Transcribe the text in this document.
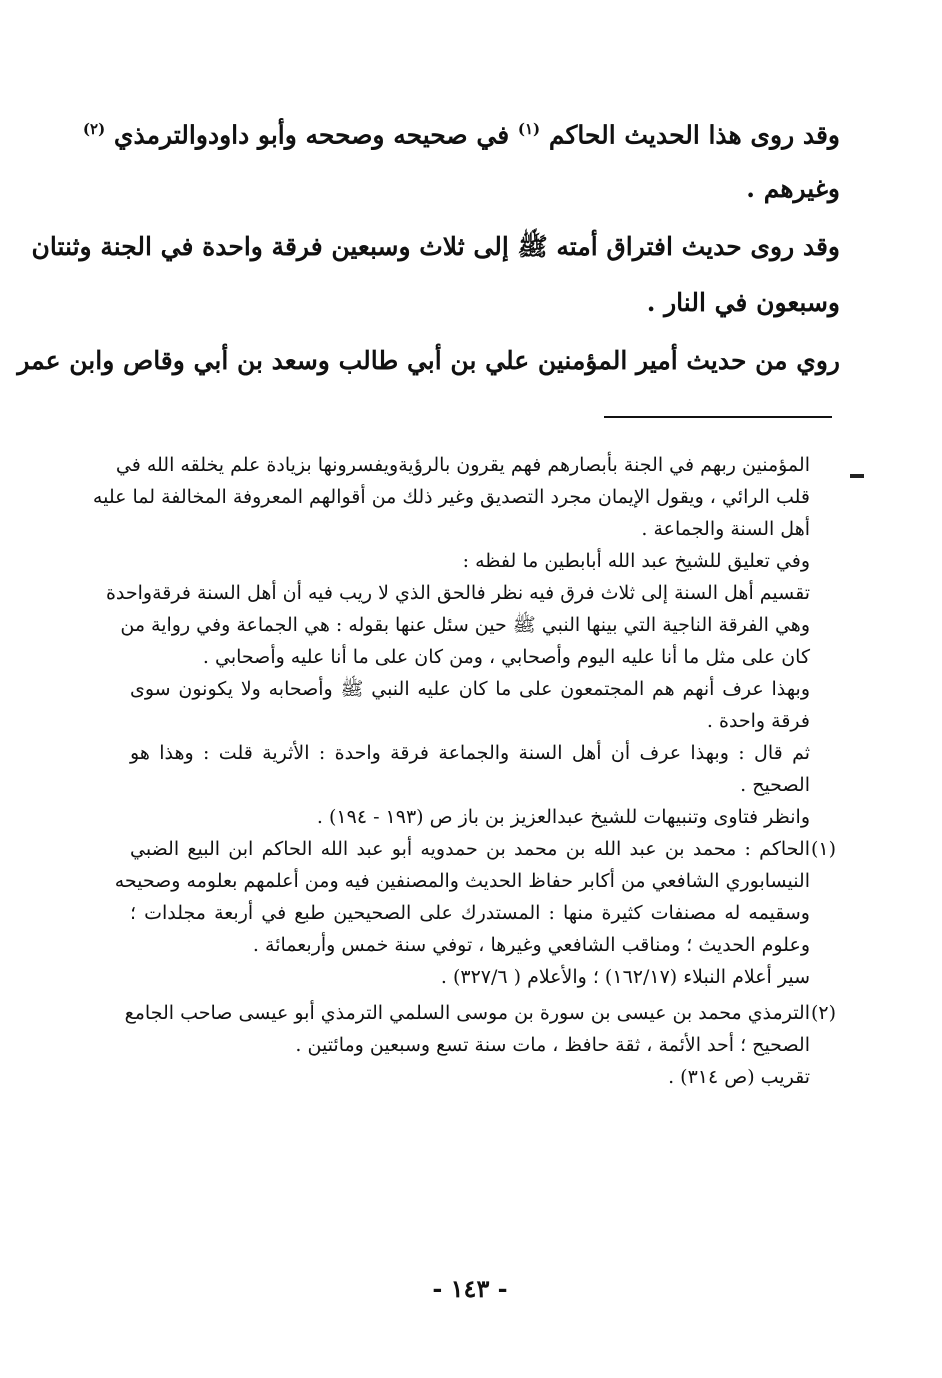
وقد روى هذا الحديث الحاكم $^{(١)}$ في صحيحه وصححه وأبو داودوالترمذي $^{(٢)}$
وغيرهم .
وقد روى حديث افتراق أمته ﷺ إلى ثلاث وسبعين فرقة واحدة في الجنة وثنتان
وسبعون في النار .
روي من حديث أمير المؤمنين علي بن أبي طالب وسعد بن أبي وقاص وابن عمر
المؤمنين ربهم في الجنة بأبصارهم فهم يقرون بالرؤيةويفسرونها بزيادة علم يخلقه الله في
قلب الرائي ، ويقول الإيمان مجرد التصديق وغير ذلك من أقوالهم المعروفة المخالفة لما عليه
أهل السنة والجماعة .
وفي تعليق للشيخ عبد الله أبابطين ما لفظه :
تقسيم أهل السنة إلى ثلاث فرق فيه نظر فالحق الذي لا ريب فيه أن أهل السنة فرقةواحدة
وهي الفرقة الناجية التي بينها النبي ﷺ حين سئل عنها بقوله : هي الجماعة وفي رواية من
كان على مثل ما أنا عليه اليوم وأصحابي ، ومن كان على ما أنا عليه وأصحابي .
وبهذا عرف أنهم هم المجتمعون على ما كان عليه النبي ﷺ وأصحابه ولا يكونون سوى
فرقة واحدة .
ثم قال : وبهذا عرف أن أهل السنة والجماعة فرقة واحدة : الأثرية قلت : وهذا هو
الصحيح .
وانظر فتاوى وتنبيهات للشيخ عبدالعزيز بن باز ص (١٩٣ - ١٩٤) .
(١)
الحاكم : محمد بن عبد الله بن محمد بن حمدويه أبو عبد الله الحاكم ابن البيع الضبي
النيسابوري الشافعي من أكابر حفاظ الحديث والمصنفين فيه ومن أعلمهم بعلومه وصحيحه
وسقيمه له مصنفات كثيرة منها : المستدرك على الصحيحين طبع في أربعة مجلدات ؛
وعلوم الحديث ؛ ومناقب الشافعي وغيرها ، توفي سنة خمس وأربعمائة .
سير أعلام النبلاء (١٦٢/١٧) ؛ والأعلام ( ٣٢٧/٦) .
(٢)
الترمذي محمد بن عيسى بن سورة بن موسى السلمي الترمذي أبو عيسى صاحب الجامع
الصحيح ؛ أحد الأئمة ، ثقة حافظ ، مات سنة تسع وسبعين ومائتين .
تقريب (ص ٣١٤) .
- ١٤٣ -
